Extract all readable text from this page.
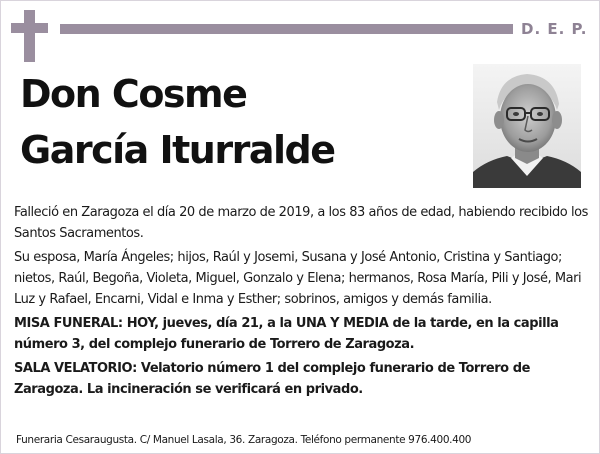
D. E. P.
Don Cosme
García Iturralde

Falleció en Zaragoza el día 20 de marzo de 2019, a los 83 años de edad, habiendo recibido los Santos Sacramentos.

Su esposa, María Ángeles; hijos, Raúl y Josemi, Susana y José Antonio, Cristina y Santiago; nietos, Raúl, Begoña, Violeta, Miguel, Gonzalo y Elena; hermanos, Rosa María, Pili y José, Mari Luz y Rafael, Encarni, Vidal e Inma y Esther; sobrinos, amigos y demás familia.

MISA FUNERAL: HOY, jueves, día 21, a la UNA Y MEDIA de la tarde, en la capilla número 3, del complejo funerario de Torrero de Zaragoza.

SALA VELATORIO: Velatorio número 1 del complejo funerario de Torrero de Zaragoza. La incineración se verificará en privado.

Funeraria Cesaraugusta. C/ Manuel Lasala, 36. Zaragoza. Teléfono permanente 976.400.400
